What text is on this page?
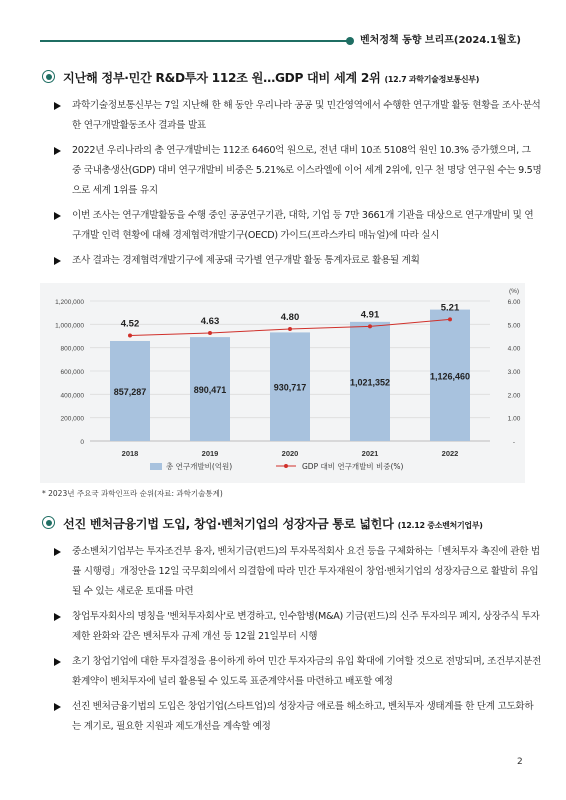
벤처정책 동향 브리프(2024.1월호)
지난해 정부·민간 R&D투자 112조 원…GDP 대비 세계 2위 (12.7 과학기술정보통신부)
과학기술정보통신부는 7일 지난해 한 해 동안 우리나라 공공 및 민간영역에서 수행한 연구개발 활동 현황을 조사·분석한 연구개발활동조사 결과를 발표
2022년 우리나라의 총 연구개발비는 112조 6460억 원으로, 전년 대비 10조 5108억 원인 10.3% 증가했으며, 그 중 국내총생산(GDP) 대비 연구개발비 비중은 5.21%로 이스라엘에 이어 세계 2위에, 인구 천 명당 연구원 수는 9.5명으로 세계 1위를 유지
이번 조사는 연구개발활동을 수행 중인 공공연구기관, 대학, 기업 등 7만 3661개 기관을 대상으로 연구개발비 및 연구개발 인력 현황에 대해 경제협력개발기구(OECD) 가이드(프라스카티 매뉴얼)에 따라 실시
조사 결과는 경제협력개발기구에 제공돼 국가별 연구개발 활동 통계자료로 활용될 계획
0
200,000
400,000
600,000
800,000
1,000,000
1,200,000
-
1.00
2.00
3.00
4.00
5.00
6.00
(%)
857,287	890,471	930,717
1,021,352
1,126,460
2018	2019	2020	2021	2022
4.52	4.63	4.80	4.91
5.21
총 연구개발비(억원)	GDP 대비 연구개발비 비중(%)
* 2023년 주요국 과학인프라 순위(자료: 과학기술통계)
선진 벤처금융기법 도입, 창업·벤처기업의 성장자금 통로 넓힌다 (12.12 중소벤처기업부)
중소벤처기업부는 투자조건부 융자, 벤처기금(펀드)의 투자목적회사 요건 등을 구체화하는「벤처투자 촉진에 관한 법률 시행령」개정안을 12일 국무회의에서 의결함에 따라 민간 투자재원이 창업·벤처기업의 성장자금으로 활발히 유입될 수 있는 새로운 토대를 마련
창업투자회사의 명칭을 '벤처투자회사'로 변경하고, 인수합병(M&A) 기금(펀드)의 신주 투자의무 폐지, 상장주식 투자제한 완화와 같은 벤처투자 규제 개선 등 12월 21일부터 시행
초기 창업기업에 대한 투자결정을 용이하게 하여 민간 투자자금의 유입 확대에 기여할 것으로 전망되며, 조건부지분전환계약이 벤처투자에 널리 활용될 수 있도록 표준계약서를 마련하고 배포할 예정
선진 벤처금융기법의 도입은 창업기업(스타트업)의 성장자금 애로를 해소하고, 벤처투자 생태계를 한 단계 고도화하는 계기로, 필요한 지원과 제도개선을 계속할 예정
2
